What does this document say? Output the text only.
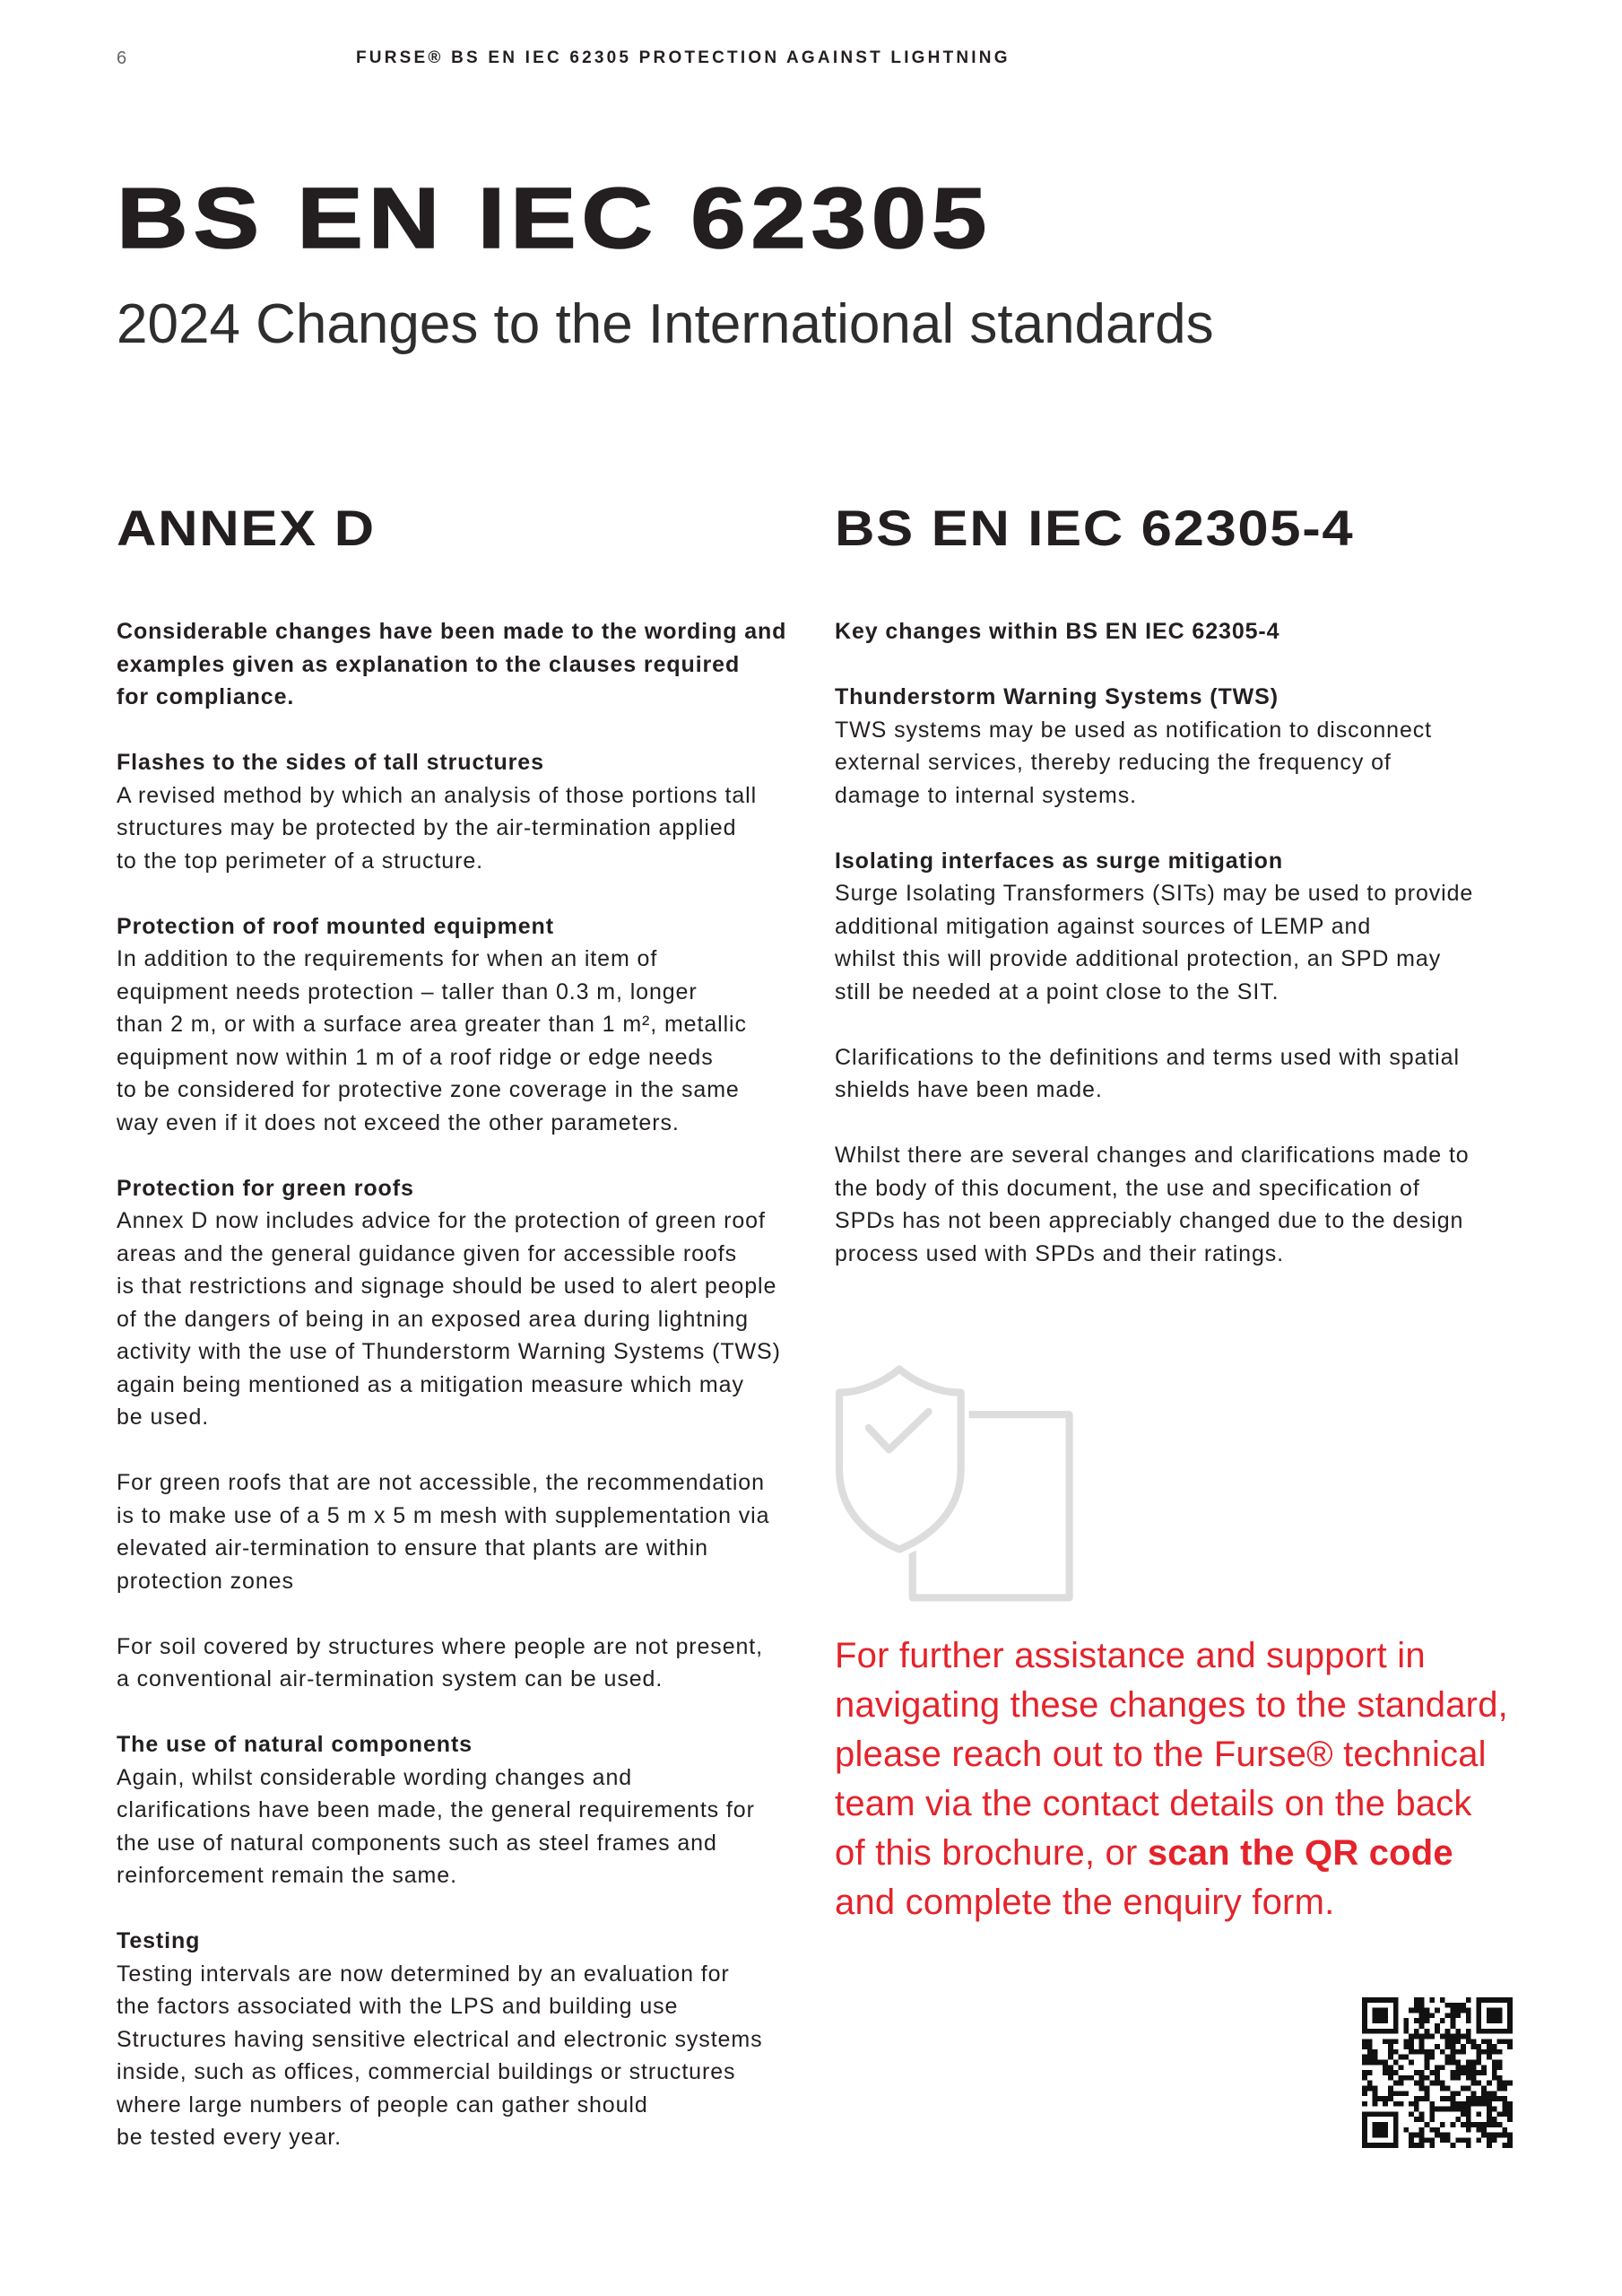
6	FURSE® BS EN IEC 62305 PROTECTION AGAINST LIGHTNING
BS EN IEC 62305
2024 Changes to the International standards
ANNEX D	BS EN IEC 62305-4

Considerable changes have been made to the wording and
examples given as explanation to the clauses required
for compliance.

Flashes to the sides of tall structures

A revised method by which an analysis of those portions tall
structures may be protected by the air-termination applied
to the top perimeter of a structure.

Protection of roof mounted equipment

In addition to the requirements for when an item of
equipment needs protection – taller than 0.3 m, longer
than 2 m, or with a surface area greater than 1 m², metallic
equipment now within 1 m of a roof ridge or edge needs
to be considered for protective zone coverage in the same
way even if it does not exceed the other parameters.

Protection for green roofs

Annex D now includes advice for the protection of green roof
areas and the general guidance given for accessible roofs
is that restrictions and signage should be used to alert people
of the dangers of being in an exposed area during lightning
activity with the use of Thunderstorm Warning Systems (TWS)
again being mentioned as a mitigation measure which may
be used.

For green roofs that are not accessible, the recommendation
is to make use of a 5 m x 5 m mesh with supplementation via
elevated air-termination to ensure that plants are within
protection zones

For soil covered by structures where people are not present,
a conventional air-termination system can be used.

The use of natural components

Again, whilst considerable wording changes and
clarifications have been made, the general requirements for
the use of natural components such as steel frames and
reinforcement remain the same.

Testing

Testing intervals are now determined by an evaluation for
the factors associated with the LPS and building use
Structures having sensitive electrical and electronic systems
inside, such as offices, commercial buildings or structures
where large numbers of people can gather should
be tested every year.

Key changes within BS EN IEC 62305-4

Thunderstorm Warning Systems (TWS)

TWS systems may be used as notification to disconnect
external services, thereby reducing the frequency of
damage to internal systems.

Isolating interfaces as surge mitigation

Surge Isolating Transformers (SITs) may be used to provide
additional mitigation against sources of LEMP and
whilst this will provide additional protection, an SPD may
still be needed at a point close to the SIT.

Clarifications to the definitions and terms used with spatial
shields have been made.

Whilst there are several changes and clarifications made to
the body of this document, the use and specification of
SPDs has not been appreciably changed due to the design
process used with SPDs and their ratings.

For further assistance and support in
navigating these changes to the standard,
please reach out to the Furse® technical
team via the contact details on the back
of this brochure, or scan the QR code
and complete the enquiry form.
